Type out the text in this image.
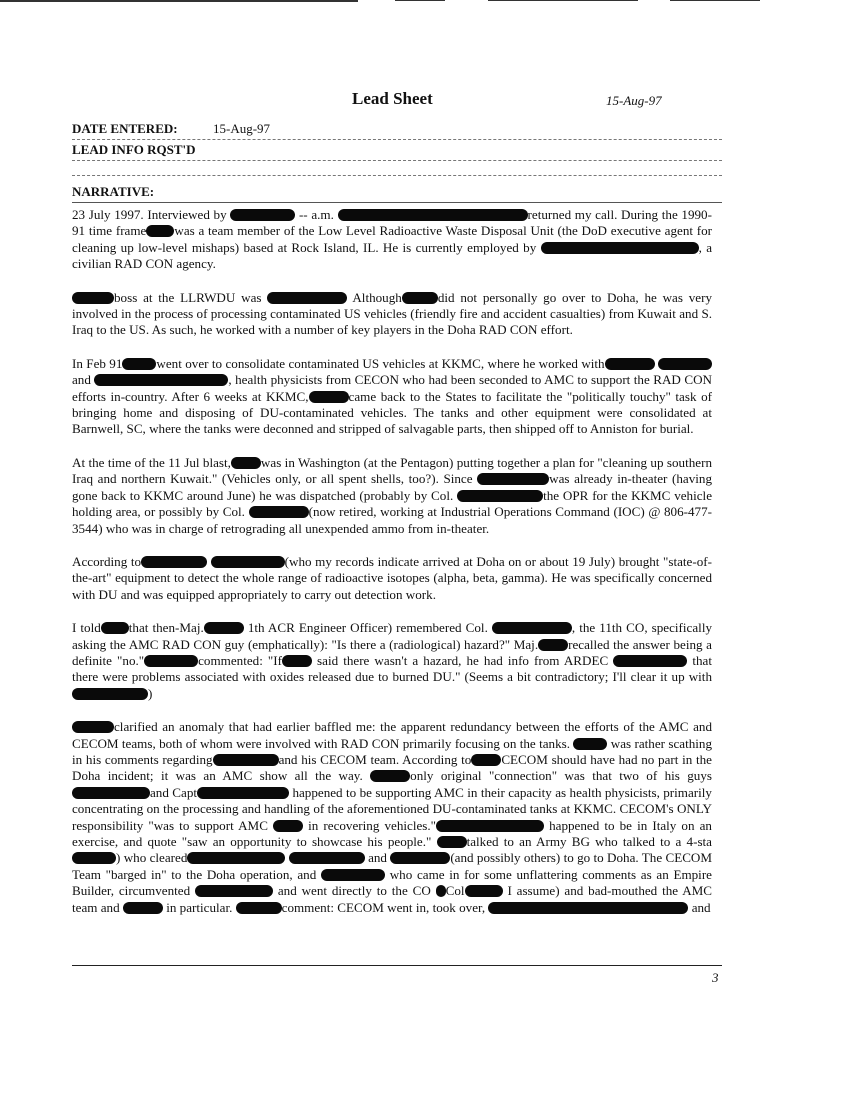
Lead Sheet	15-Aug-97
DATE ENTERED:	15-Aug-97
LEAD INFO RQST'D
NARRATIVE:

23 July 1997. Interviewed by	-- a.m.	returned my call. During the 1990-91 time frame was a team member of the Low Level Radioactive Waste Disposal Unit (the DoD executive agent for cleaning up low-level mishaps) based at Rock Island, IL. He is currently employed by	, a civilian RAD CON agency.

boss at the LLRWDU was	Although	did not personally go over to Doha, he was very involved in the process of processing contaminated US vehicles (friendly fire and accident casualties) from Kuwait and S. Iraq to the US. As such, he worked with a number of key players in the Doha RAD CON effort.

In Feb 91	went over to consolidate contaminated US vehicles at KKMC, where he worked with and	, health physicists from CECON who had been seconded to AMC to support the RAD CON efforts in-country. After 6 weeks at KKMC,	came back to the States to facilitate the "politically touchy" task of bringing home and disposing of DU-contaminated vehicles. The tanks and other equipment were consolidated at Barnwell, SC, where the tanks were deconned and stripped of salvagable parts, then shipped off to Anniston for burial.

At the time of the 11 Jul blast, was in Washington (at the Pentagon) putting together a plan for "cleaning up southern Iraq and northern Kuwait." (Vehicles only, or all spent shells, too?). Since	was already in-theater (having gone back to KKMC around June) he was dispatched (probably by Col.	the OPR for the KKMC vehicle holding area, or possibly by Col.	(now retired, working at Industrial Operations Command (IOC) @ 806-477-3544) who was in charge of retrograding all unexpended ammo from in-theater.

According to	(who my records indicate arrived at Doha on or about 19 July) brought "state-of-the-art" equipment to detect the whole range of radioactive isotopes (alpha, beta, gamma). He was specifically concerned with DU and was equipped appropriately to carry out detection work.

I told that then-Maj.	1th ACR Engineer Officer) remembered Col.	, the 11th CO, specifically asking the AMC RAD CON guy (emphatically): "Is there a (radiological) hazard?" Maj. recalled the answer being a definite "no."	commented: "If	said there wasn't a hazard, he had info from ARDEC	that there were problems associated with oxides released due to burned DU." (Seems a bit contradictory; I'll clear it up with )

clarified an anomaly that had earlier baffled me: the apparent redundancy between the efforts of the AMC and CECOM teams, both of whom were involved with RAD CON primarily focusing on the tanks.	was rather scathing in his comments regarding	and his CECOM team. According to CECOM should have had no part in the Doha incident; it was an AMC show all the way.	only original "connection" was that two of his guys and Capt	happened to be supporting AMC in their capacity as health physicists, primarily concentrating on the processing and handling of the aforementioned DU-contaminated tanks at KKMC. CECOM's ONLY responsibility "was to support AMC	in recovering vehicles."	happened to be in Italy on an exercise, and quote "saw an opportunity to showcase his people."	talked to an Army BG who talked to a 4-sta) who cleared	and	(and possibly others) to go to Doha. The CECOM Team "barged in" to the Doha operation, and	who came in for some unflattering comments as an Empire Builder, circumvented	and went directly to the CO Col	I assume) and bad-mouthed the AMC team and	in particular.	comment: CECOM went in, took over,	and

3
